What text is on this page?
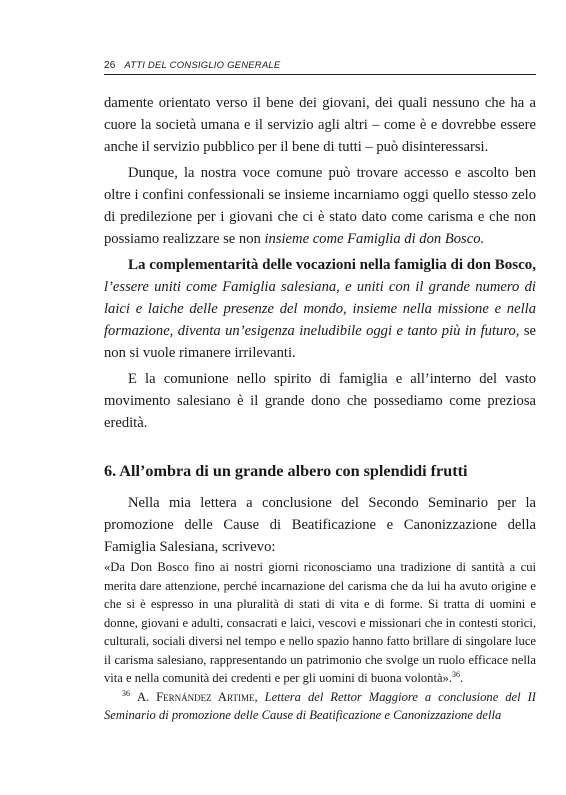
26 ATTI DEL CONSIGLIO GENERALE

damente orientato verso il bene dei giovani, dei quali nessuno che ha a cuore la società umana e il servizio agli altri – come è e dovrebbe essere anche il servizio pubblico per il bene di tutti – può disinteressarsi.

Dunque, la nostra voce comune può trovare accesso e ascolto ben oltre i confini confessionali se insieme incarniamo oggi quello stesso zelo di predilezione per i giovani che ci è stato dato come carisma e che non possiamo realizzare se non insieme come Famiglia di don Bosco.

La complementarità delle vocazioni nella famiglia di don Bosco, l’essere uniti come Famiglia salesiana, e uniti con il grande numero di laici e laiche delle presenze del mondo, insieme nella missione e nella formazione, diventa un’esigenza ineludibile oggi e tanto più in futuro, se non si vuole rimanere irrilevanti.

E la comunione nello spirito di famiglia e all’interno del vasto movimento salesiano è il grande dono che possediamo come preziosa eredità.

6. All’ombra di un grande albero con splendidi frutti

Nella mia lettera a conclusione del Secondo Seminario per la promozione delle Cause di Beatificazione e Canonizzazione della Famiglia Salesiana, scrivevo:

«Da Don Bosco fino ai nostri giorni riconosciamo una tradizione di santità a cui merita dare attenzione, perché incarnazione del carisma che da lui ha avuto origine e che si è espresso in una pluralità di stati di vita e di forme. Si tratta di uomini e donne, giovani e adulti, consacrati e laici, vescovi e missionari che in contesti storici, culturali, sociali diversi nel tempo e nello spazio hanno fatto brillare di singolare luce il carisma salesiano, rappresentando un patrimonio che svolge un ruolo efficace nella vita e nella comunità dei credenti e per gli uomini di buona volontà».$^{36}$.

$^{36}$ A. Fernández Artime, Lettera del Rettor Maggiore a conclusione del II Seminario di promozione delle Cause di Beatificazione e Canonizzazione della
